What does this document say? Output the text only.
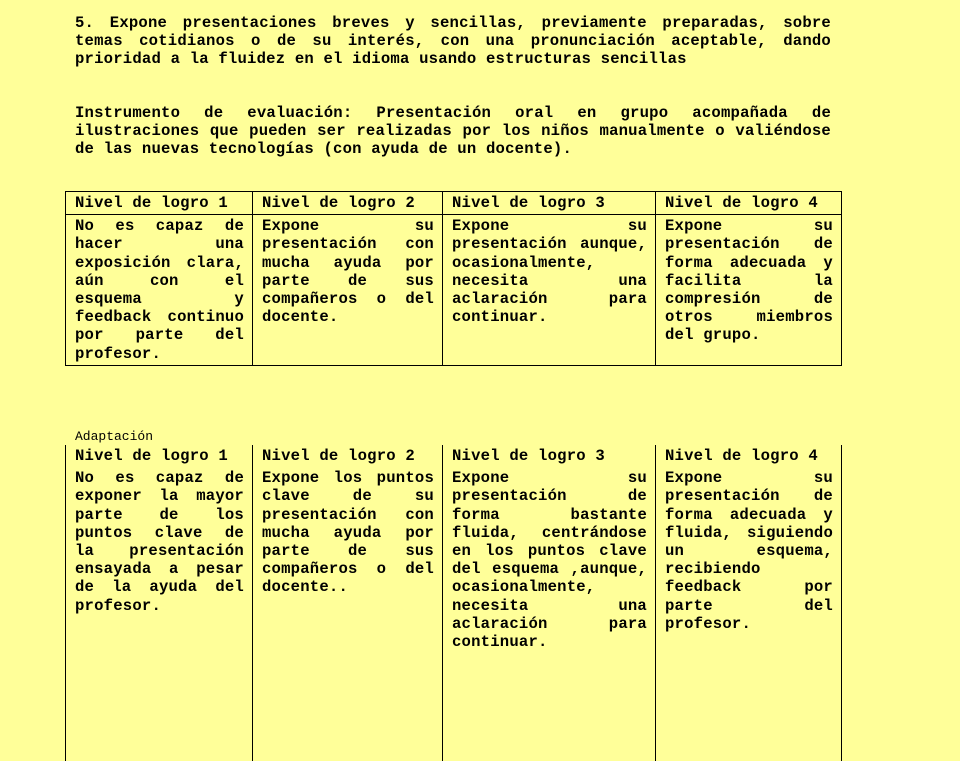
5. Expone presentaciones breves y sencillas, previamente preparadas, sobre temas cotidianos o de su interés, con una pronunciación aceptable, dando prioridad a la fluidez en el idioma usando estructuras sencillas

Instrumento de evaluación: Presentación oral en grupo acompañada de ilustraciones que pueden ser realizadas por los niños manualmente o valiéndose de las nuevas tecnologías (con ayuda de un docente).

Nivel de logro 1	Nivel de logro 2	Nivel de logro 3	Nivel de logro 4
No es capaz de hacer una exposición clara, aún con el esquema y feedback continuo por parte del profesor.	Expone su presentación con mucha ayuda por parte de sus compañeros o del docente.	Expone su presentación aunque, ocasionalmente, necesita una aclaración para continuar.	Expone su presentación de forma adecuada y facilita la compresión de otros miembros del grupo.

Adaptación

Nivel de logro 1	Nivel de logro 2	Nivel de logro 3	Nivel de logro 4
No es capaz de exponer la mayor parte de los puntos clave de la presentación ensayada a pesar de la ayuda del profesor.	Expone los puntos clave de su presentación con mucha ayuda por parte de sus compañeros o del docente..	Expone su presentación de forma bastante fluida, centrándose en los puntos clave del esquema ,aunque, ocasionalmente, necesita una aclaración para continuar.	Expone su presentación de forma adecuada y fluida, siguiendo un esquema, recibiendo feedback por parte del profesor.
